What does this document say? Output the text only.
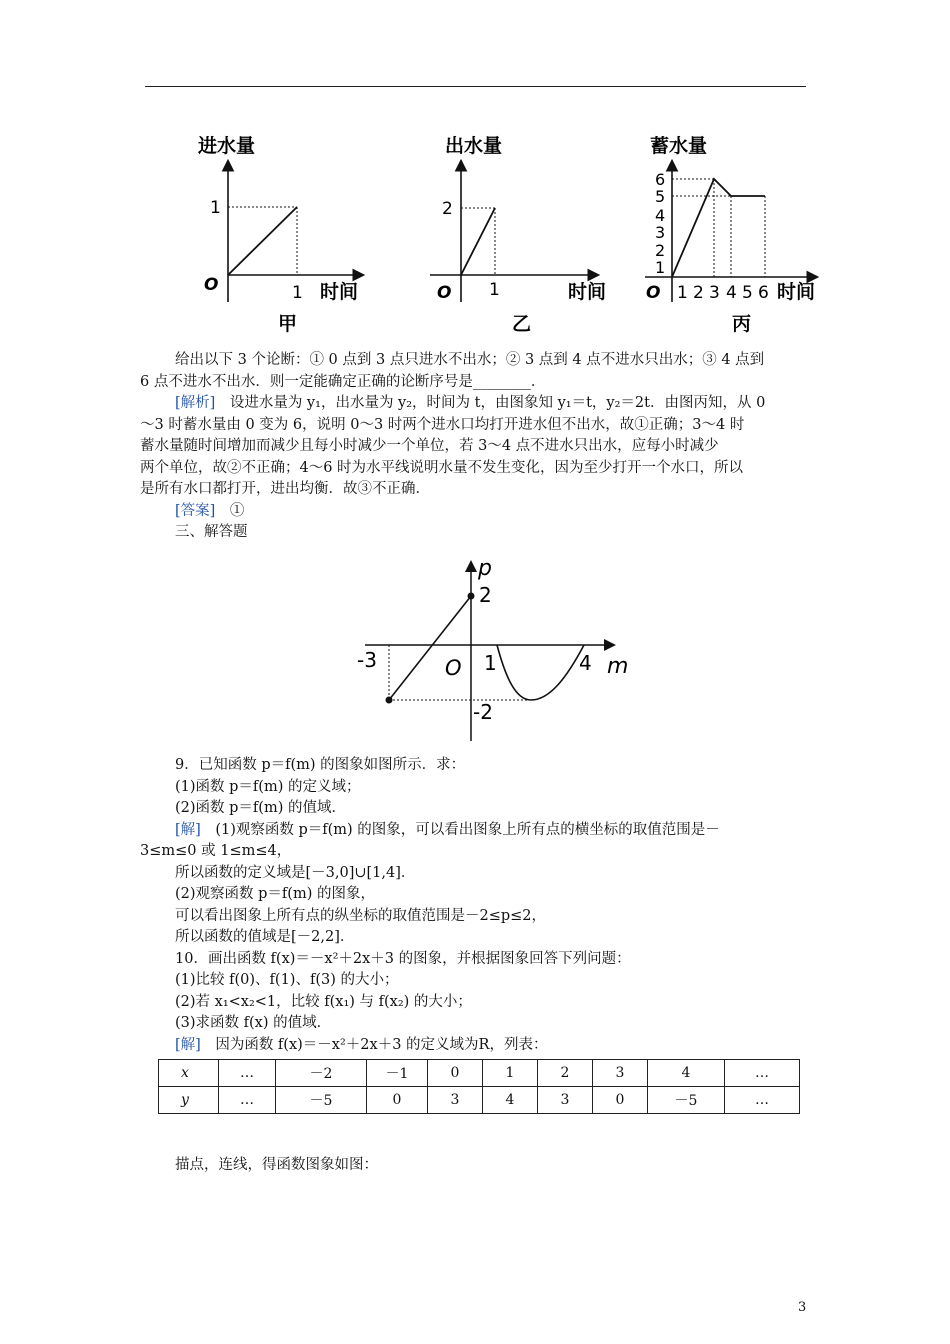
进水量
时间
O	1
1
甲
出水量
时间
O 1
2
乙
蓄水量
时间
O 1 2 3 4 5 6
1
2
3
4
5
6
丙
给出以下 3 个论断：① 0 点到 3 点只进水不出水；② 3 点到 4 点不进水只出水；③ 4 点到
6 点不进水不出水．则一定能确定正确的论断序号是________．
[解析]　设进水量为 y₁，出水量为 y₂，时间为 t，由图象知 y₁＝t，y₂＝2t．由图丙知，从 0
～3 时蓄水量由 0 变为 6，说明 0～3 时两个进水口均打开进水但不出水，故①正确；3～4 时
蓄水量随时间增加而减少且每小时减少一个单位，若 3～4 点不进水只出水，应每小时减少
两个单位，故②不正确；4～6 时为水平线说明水量不发生变化，因为至少打开一个水口，所以
是所有水口都打开，进出均衡．故③不正确．
[答案]　①
三、解答题
p
m
O
-3	1	4
2
-2
9．已知函数 p＝f(m) 的图象如图所示．求：
(1)函数 p＝f(m) 的定义域；
(2)函数 p＝f(m) 的值域．
[解]　(1)观察函数 p＝f(m) 的图象，可以看出图象上所有点的横坐标的取值范围是－
3≤m≤0 或 1≤m≤4，
所以函数的定义域是[－3,0]∪[1,4]．
(2)观察函数 p＝f(m) 的图象，
可以看出图象上所有点的纵坐标的取值范围是－2≤p≤2，
所以函数的值域是[－2,2]．
10．画出函数 f(x)＝－x²＋2x＋3 的图象，并根据图象回答下列问题：
(1)比较 f(0)、f(1)、f(3) 的大小；
(2)若 x₁<x₂<1，比较 f(x₁) 与 f(x₂) 的大小；
(3)求函数 f(x) 的值域．
[解]　因为函数 f(x)＝－x²＋2x＋3 的定义域为R，列表：
x	…	－2	－1	0	1	2	3	4	…
y	…	－5	0	3	4	3	0	－5	…
描点，连线，得函数图象如图：
3
